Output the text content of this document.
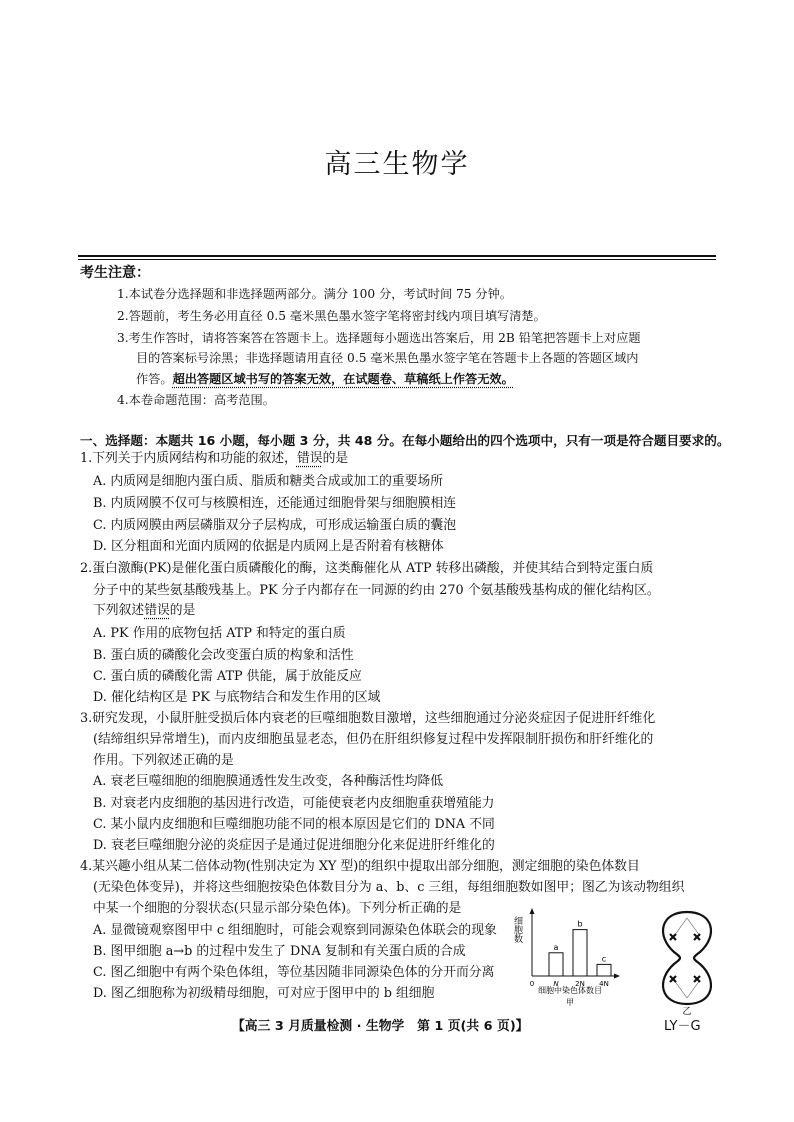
高三生物学
考生注意：
1.本试卷分选择题和非选择题两部分。满分 100 分，考试时间 75 分钟。
2.答题前，考生务必用直径 0.5 毫米黑色墨水签字笔将密封线内项目填写清楚。
3.考生作答时，请将答案答在答题卡上。选择题每小题选出答案后，用 2B 铅笔把答题卡上对应题
目的答案标号涂黑；非选择题请用直径 0.5 毫米黑色墨水签字笔在答题卡上各题的答题区域内
作答。超出答题区域书写的答案无效，在试题卷、草稿纸上作答无效。
4.本卷命题范围：高考范围。
一、选择题：本题共 16 小题，每小题 3 分，共 48 分。在每小题给出的四个选项中，只有一项是符合题目要求的。
1.下列关于内质网结构和功能的叙述，错误的是
A. 内质网是细胞内蛋白质、脂质和糖类合成或加工的重要场所
B. 内质网膜不仅可与核膜相连，还能通过细胞骨架与细胞膜相连
C. 内质网膜由两层磷脂双分子层构成，可形成运输蛋白质的囊泡
D. 区分粗面和光面内质网的依据是内质网上是否附着有核糖体
2.蛋白激酶(PK)是催化蛋白质磷酸化的酶，这类酶催化从 ATP 转移出磷酸，并使其结合到特定蛋白质
分子中的某些氨基酸残基上。PK 分子内都存在一同源的约由 270 个氨基酸残基构成的催化结构区。
下列叙述错误的是
A. PK 作用的底物包括 ATP 和特定的蛋白质
B. 蛋白质的磷酸化会改变蛋白质的构象和活性
C. 蛋白质的磷酸化需 ATP 供能，属于放能反应
D. 催化结构区是 PK 与底物结合和发生作用的区域
3.研究发现，小鼠肝脏受损后体内衰老的巨噬细胞数目激增，这些细胞通过分泌炎症因子促进肝纤维化
(结缔组织异常增生)，而内皮细胞虽显老态，但仍在肝组织修复过程中发挥限制肝损伤和肝纤维化的
作用。下列叙述正确的是
A. 衰老巨噬细胞的细胞膜通透性发生改变，各种酶活性均降低
B. 对衰老内皮细胞的基因进行改造，可能使衰老内皮细胞重获增殖能力
C. 某小鼠内皮细胞和巨噬细胞功能不同的根本原因是它们的 DNA 不同
D. 衰老巨噬细胞分泌的炎症因子是通过促进细胞分化来促进肝纤维化的
4.某兴趣小组从某二倍体动物(性别决定为 XY 型)的组织中提取出部分细胞，测定细胞的染色体数目
(无染色体变异)，并将这些细胞按染色体数目分为 a、b、c 三组，每组细胞数如图甲；图乙为该动物组织
中某一个细胞的分裂状态(只显示部分染色体)。下列分析正确的是
A. 显微镜观察图甲中 c 组细胞时，可能会观察到同源染色体联会的现象
B. 图甲细胞 a→b 的过程中发生了 DNA 复制和有关蛋白质的合成
C. 图乙细胞中有两个染色体组，等位基因随非同源染色体的分开而分离
D. 图乙细胞称为初级精母细胞，可对应于图甲中的 b 组细胞
细胞数
细胞中染色体数目
甲
0	N 2N 4N
a
b
c
乙
【高三 3 月质量检测 · 生物学　第 1 页(共 6 页)】	LY－G
